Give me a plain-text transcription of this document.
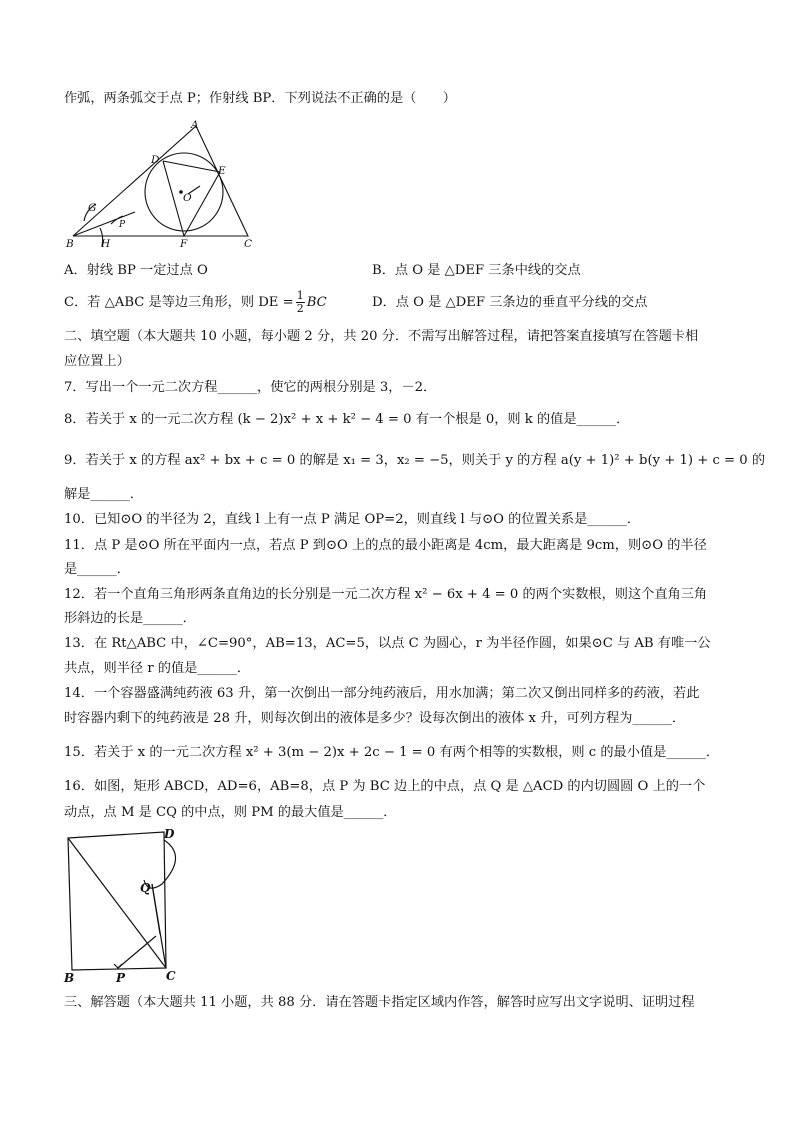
作弧，两条弧交于点 P；作射线 BP．下列说法不正确的是（　　）
A
D
E
O
G
P
B	H	F	C
A．射线 BP 一定过点 O	B．点 O 是 △DEF 三条中线的交点
C．若 △ABC 是等边三角形，则 DE = $\frac{1}{2}$ BC	D．点 O 是 △DEF 三条边的垂直平分线的交点
二、填空题（本大题共 10 小题，每小题 2 分，共 20 分．不需写出解答过程，请把答案直接填写在答题卡相
应位置上）
7．写出一个一元二次方程______，使它的两根分别是 3，－2．
8．若关于 x 的一元二次方程 (k − 2)x² + x + k² − 4 = 0 有一个根是 0，则 k 的值是______．
9．若关于 x 的方程 ax² + bx + c = 0 的解是 x₁ = 3，x₂ = −5，则关于 y 的方程 a(y + 1)² + b(y + 1) + c = 0 的
解是______．
10．已知⊙O 的半径为 2，直线 l 上有一点 P 满足 OP=2，则直线 l 与⊙O 的位置关系是______．
11．点 P 是⊙O 所在平面内一点，若点 P 到⊙O 上的点的最小距离是 4cm，最大距离是 9cm，则⊙O 的半径
是______．
12．若一个直角三角形两条直角边的长分别是一元二次方程 x² − 6x + 4 = 0 的两个实数根，则这个直角三角
形斜边的长是______．
13．在 Rt△ABC 中，∠C=90°，AB=13，AC=5，以点 C 为圆心，r 为半径作圆，如果⊙C 与 AB 有唯一公
共点，则半径 r 的值是______．
14．一个容器盛满纯药液 63 升，第一次倒出一部分纯药液后，用水加满；第二次又倒出同样多的药液，若此
时容器内剩下的纯药液是 28 升，则每次倒出的液体是多少？设每次倒出的液体 x 升，可列方程为______．
15．若关于 x 的一元二次方程 x² + 3(m − 2)x + 2c − 1 = 0 有两个相等的实数根，则 c 的最小值是______．
16．如图，矩形 ABCD，AD=6，AB=8，点 P 为 BC 边上的中点，点 Q 是 △ACD 的内切圆圆 O 上的一个
动点，点 M 是 CQ 的中点，则 PM 的最大值是______．
D
Q
B	P	C
三、解答题（本大题共 11 小题，共 88 分．请在答题卡指定区域内作答，解答时应写出文字说明、证明过程
